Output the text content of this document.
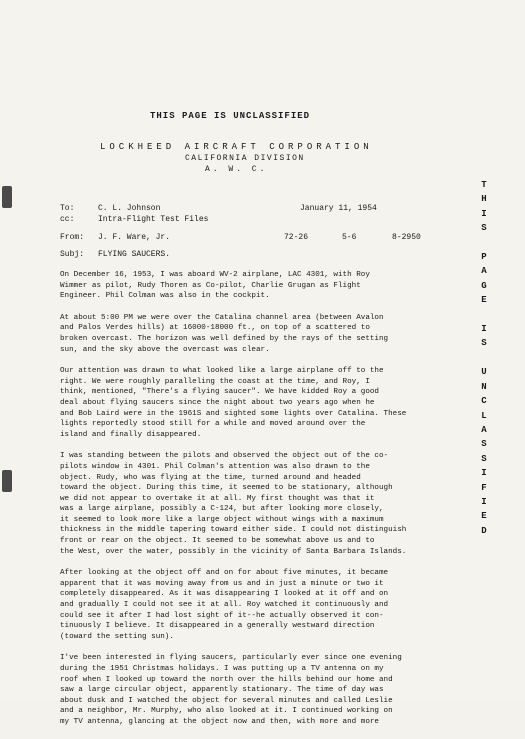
THIS PAGE IS UNCLASSIFIED
LOCKHEED AIRCRAFT CORPORATION
CALIFORNIA DIVISION
A. W. C.
T
H
I
S

P
A
G
E

I
S

U
N
C
L
A
S
S
I
F
I
E
D
To:	C. L. Johnson	January 11, 1954
cc:	Intra-Flight Test Files
From: J. F. Ware, Jr.	72-26	5-6	8-2950
Subj: FLYING SAUCERS.

On December 16, 1953, I was aboard WV-2 airplane, LAC 4301, with Roy
Wimmer as pilot, Rudy Thoren as Co-pilot, Charlie Grugan as Flight
Engineer. Phil Colman was also in the cockpit.

At about 5:00 PM we were over the Catalina channel area (between Avalon
and Palos Verdes hills) at 16000-18000 ft., on top of a scattered to
broken overcast. The horizon was well defined by the rays of the setting
sun, and the sky above the overcast was clear.

Our attention was drawn to what looked like a large airplane off to the
right. We were roughly paralleling the coast at the time, and Roy, I
think, mentioned, "There's a flying saucer". We have kidded Roy a good
deal about flying saucers since the night about two years ago when he
and Bob Laird were in the 1961S and sighted some lights over Catalina. These
lights reportedly stood still for a while and moved around over the
island and finally disappeared.

I was standing between the pilots and observed the object out of the co-
pilots window in 4301. Phil Colman's attention was also drawn to the
object. Rudy, who was flying at the time, turned around and headed
toward the object. During this time, it seemed to be stationary, although
we did not appear to overtake it at all. My first thought was that it
was a large airplane, possibly a C-124, but after looking more closely,
it seemed to look more like a large object without wings with a maximum
thickness in the middle tapering toward either side. I could not distinguish
front or rear on the object. It seemed to be somewhat above us and to
the West, over the water, possibly in the vicinity of Santa Barbara Islands.

After looking at the object off and on for about five minutes, it became
apparent that it was moving away from us and in just a minute or two it
completely disappeared. As it was disappearing I looked at it off and on
and gradually I could not see it at all. Roy watched it continuously and
could see it after I had lost sight of it--he actually observed it con-
tinuously I believe. It disappeared in a generally westward direction
(toward the setting sun).

I've been interested in flying saucers, particularly ever since one evening
during the 1951 Christmas holidays. I was putting up a TV antenna on my
roof when I looked up toward the north over the hills behind our home and
saw a large circular object, apparently stationary. The time of day was
about dusk and I watched the object for several minutes and called Leslie
and a neighbor, Mr. Murphy, who also looked at it. I continued working on
my TV antenna, glancing at the object now and then, with more and more
